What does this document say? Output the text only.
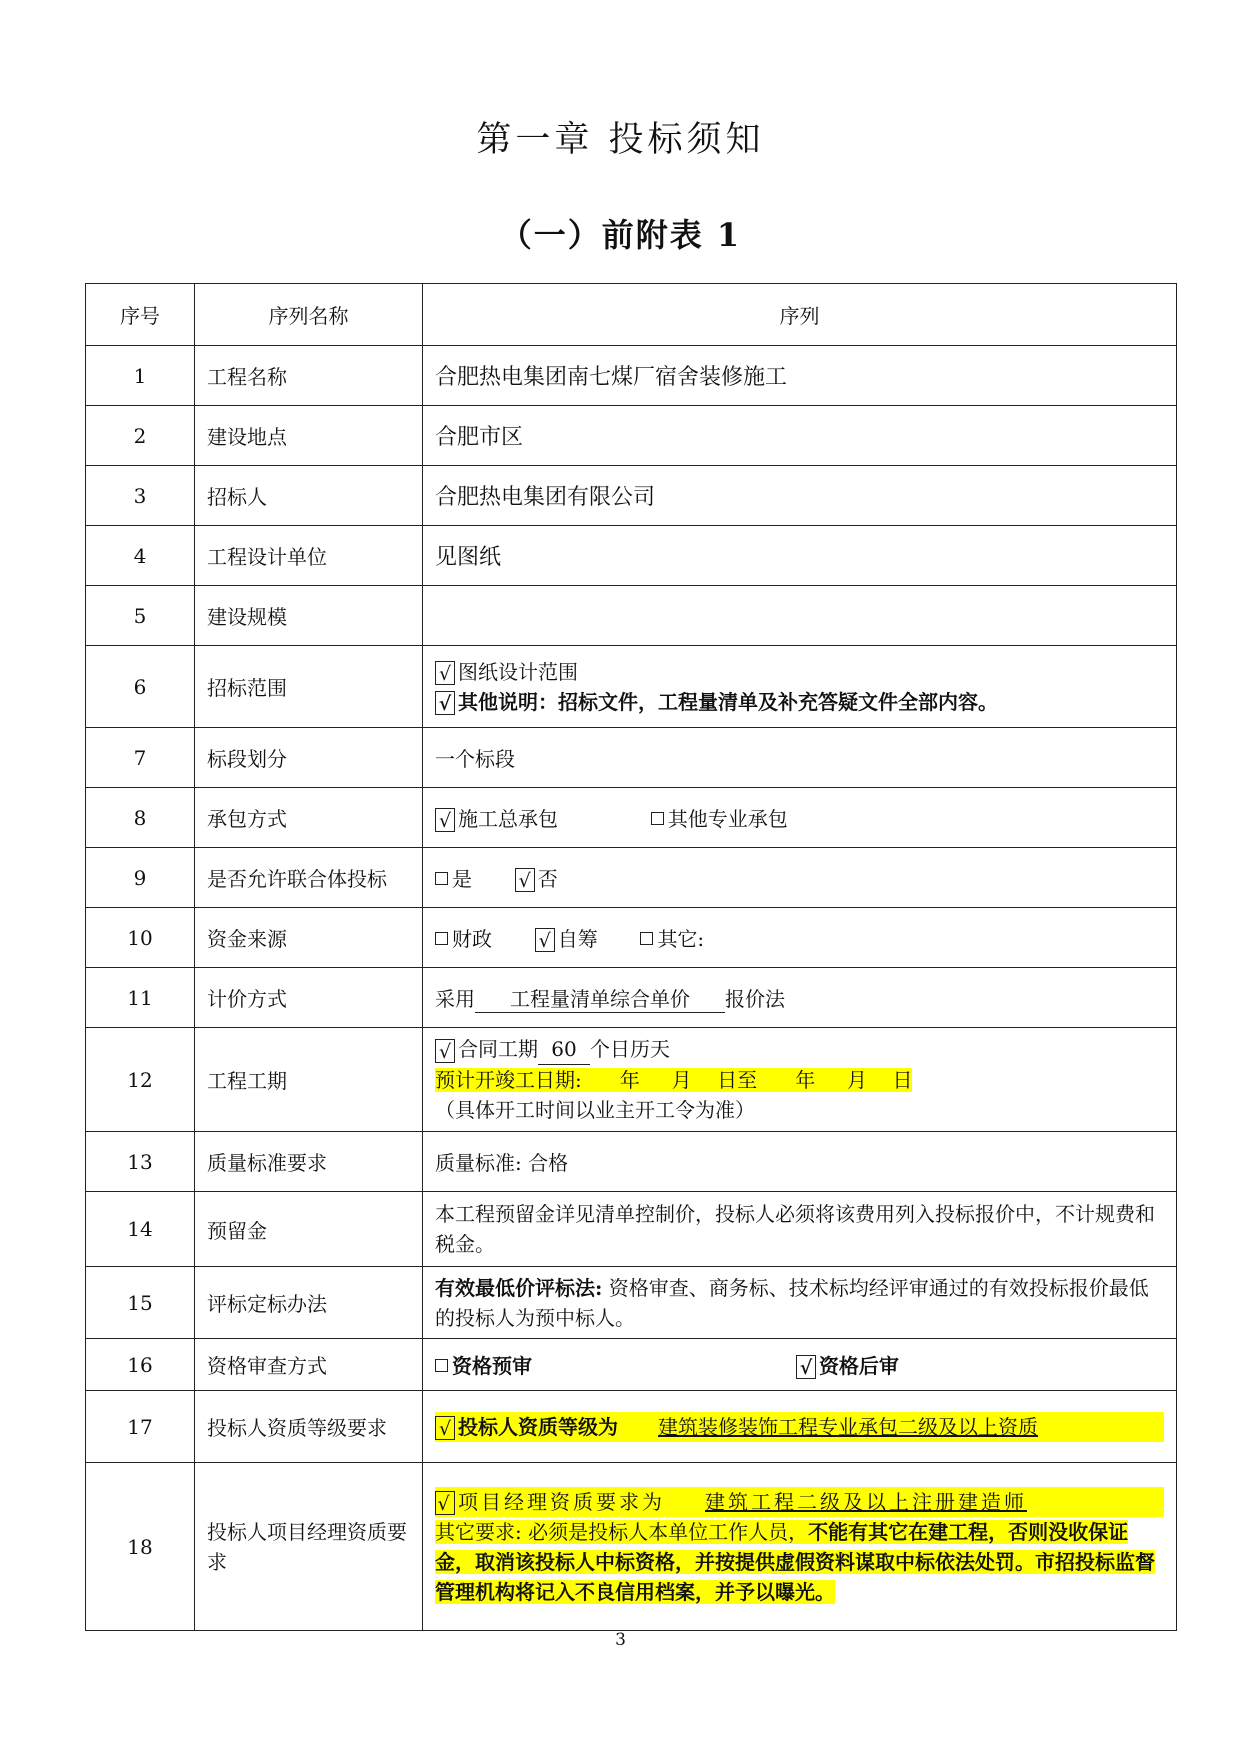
第一章 投标须知
（一）前附表 1
序号	序列名称	序列
1	工程名称	合肥热电集团南七煤厂宿舍装修施工
2	建设地点	合肥市区
3	招标人	合肥热电集团有限公司
4	工程设计单位	见图纸
5	建设规模	
6	招标范围	√ 图纸设计范围
√ 其他说明：招标文件，工程量清单及补充答疑文件全部内容。

7	标段划分	一个标段
8	承包方式	√ 施工总承包 其他专业承包
9	是否允许联合体投标	是 √ 否
10	资金来源	财政 √ 自筹 其它:
11	计价方式	采用 工程量清单综合单价 报价法
12	工程工期	√ 合同工期 60 个日历天
预计开竣工日期:      年     月    日至      年     月    日
（具体开工时间以业主开工令为准）

13	质量标准要求	质量标准: 合格
14	预留金	本工程预留金详见清单控制价，投标人必须将该费用列入投标报价中，不计规费和税金。
15	评标定标办法	有效最低价评标法: 资格审查、商务标、技术标均经评审通过的有效投标报价最低的投标人为预中标人。
16	资格审查方式	资格预审 √ 资格后审
17	投标人资质等级要求	√ 投标人资质等级为 建筑装修装饰工程专业承包二级及以上资质

18	投标人项目经理资质要求	√ 项目经理资质要求为 建筑工程二级及以上注册建造师
其它要求: 必须是投标人本单位工作人员，不能有其它在建工程，否则没收保证金，取消该投标人中标资格，并按提供虚假资料谋取中标依法处罚。市招投标监督管理机构将记入不良信用档案，并予以曝光。
3
